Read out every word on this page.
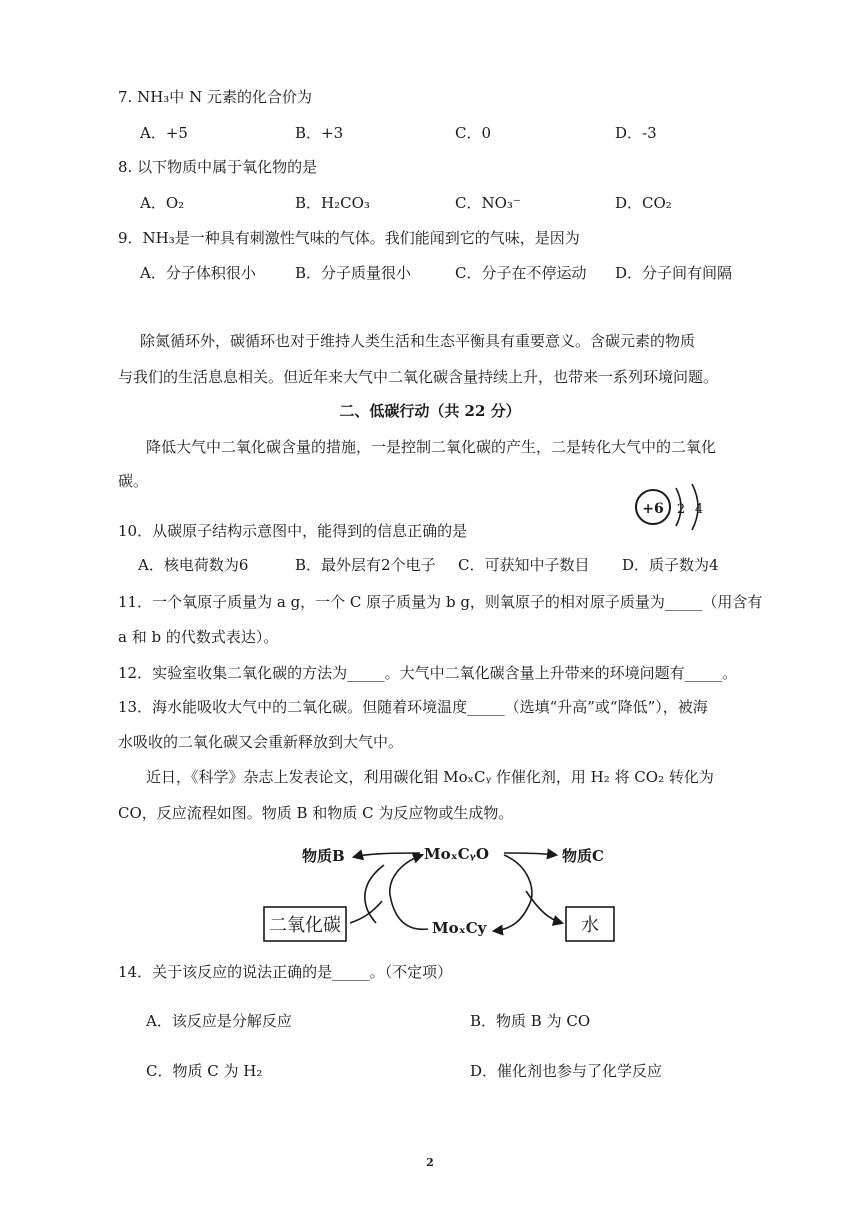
7. NH₃中 N 元素的化合价为
A．+5	B．+3	C．0	D．-3
8. 以下物质中属于氧化物的是
A．O₂	B．H₂CO₃	C．NO₃⁻	D．CO₂
9．NH₃是一种具有刺激性气味的气体。我们能闻到它的气味，是因为
A．分子体积很小	B．分子质量很小	C．分子在不停运动 D．分子间有间隔
除氮循环外，碳循环也对于维持人类生活和生态平衡具有重要意义。含碳元素的物质
与我们的生活息息相关。但近年来大气中二氧化碳含量持续上升，也带来一系列环境问题。
二、低碳行动（共 22 分）
降低大气中二氧化碳含量的措施，一是控制二氧化碳的产生，二是转化大气中的二氧化
碳。
+6 2 4
10．从碳原子结构示意图中，能得到的信息正确的是
A．核电荷数为6	B．最外层有2个电子 C．可获知中子数目 D．质子数为4
11．一个氧原子质量为 a g，一个 C 原子质量为 b g，则氧原子的相对原子质量为_____（用含有
a 和 b 的代数式表达）。
12．实验室收集二氧化碳的方法为_____。大气中二氧化碳含量上升带来的环境问题有_____。
13．海水能吸收大气中的二氧化碳。但随着环境温度_____（选填“升高”或“降低”），被海
水吸收的二氧化碳又会重新释放到大气中。
近日，《科学》杂志上发表论文，利用碳化钼 MoₓCᵧ 作催化剂，用 H₂ 将 CO₂ 转化为
CO，反应流程如图。物质 B 和物质 C 为反应物或生成物。
物质B	MoₓCᵧO	物质C
MoₓCy
二氧化碳	水
14．关于该反应的说法正确的是_____。（不定项）
A．该反应是分解反应	B．物质 B 为 CO
C．物质 C 为 H₂	D．催化剂也参与了化学反应
2
